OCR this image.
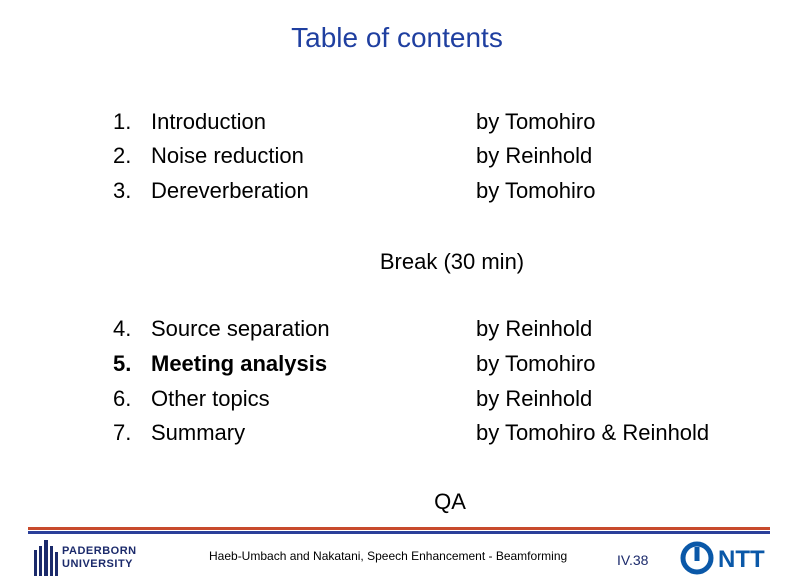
Table of contents
1. Introduction	by Tomohiro
2. Noise reduction	by Reinhold
3. Dereverberation	by Tomohiro
Break (30 min)
4. Source separation	by Reinhold
5. Meeting analysis	by Tomohiro
6. Other topics	by Reinhold
7. Summary	by Tomohiro & Reinhold
QA
PADERBORN
UNIVERSITY
Haeb-Umbach and Nakatani, Speech Enhancement - Beamforming	IV.38	NTT
